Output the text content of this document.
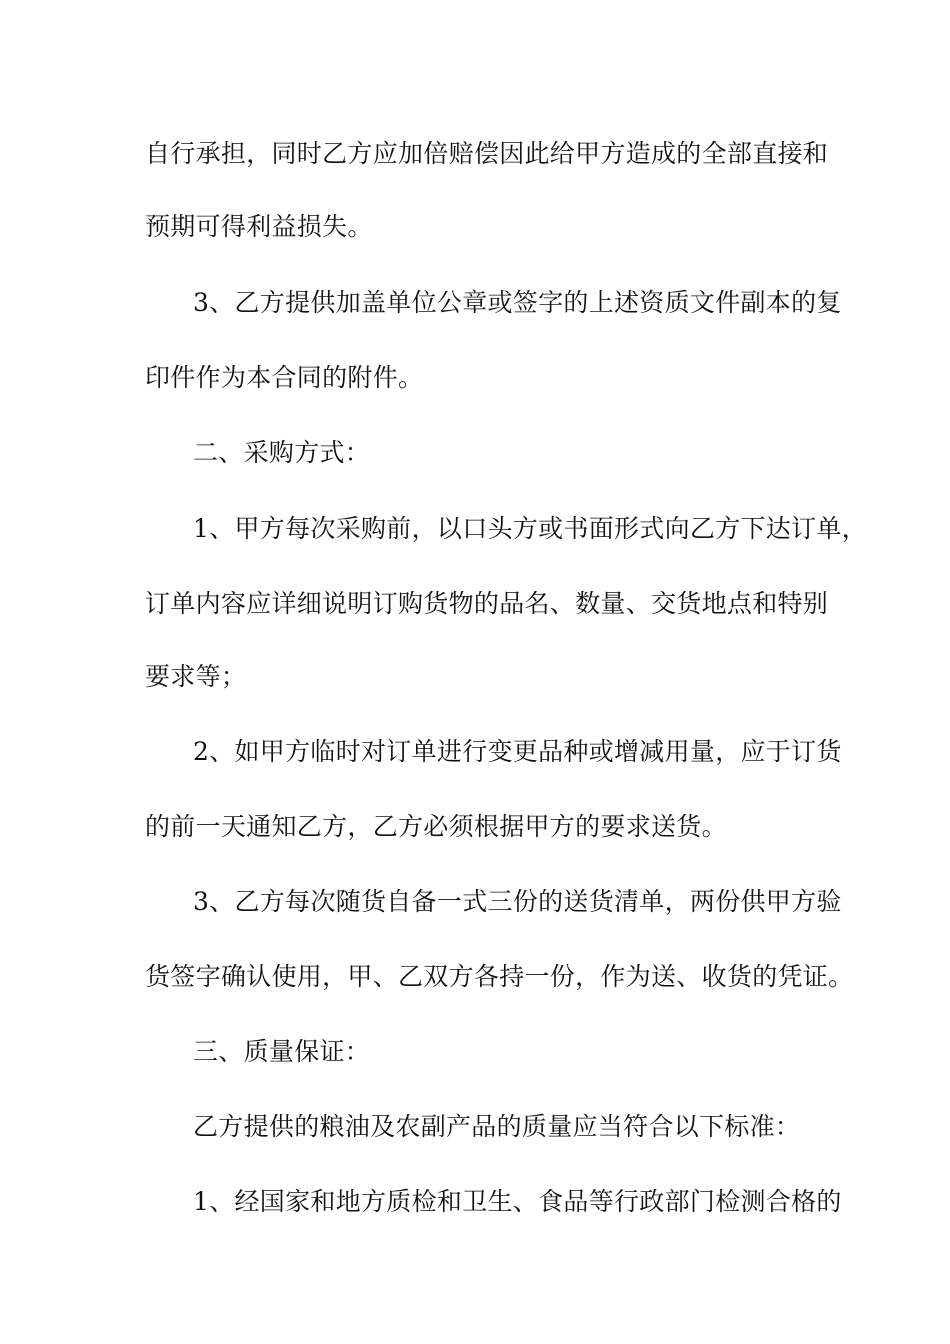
自行承担，同时乙方应加倍赔偿因此给甲方造成的全部直接和
预期可得利益损失。
3、乙方提供加盖单位公章或签字的上述资质文件副本的复
印件作为本合同的附件。
二、采购方式：
1、甲方每次采购前，以口头方或书面形式向乙方下达订单，
订单内容应详细说明订购货物的品名、数量、交货地点和特别
要求等；
2、如甲方临时对订单进行变更品种或增减用量，应于订货
的前一天通知乙方，乙方必须根据甲方的要求送货。
3、乙方每次随货自备一式三份的送货清单，两份供甲方验
货签字确认使用，甲、乙双方各持一份，作为送、收货的凭证。
三、质量保证：
乙方提供的粮油及农副产品的质量应当符合以下标准：
1、经国家和地方质检和卫生、食品等行政部门检测合格的
